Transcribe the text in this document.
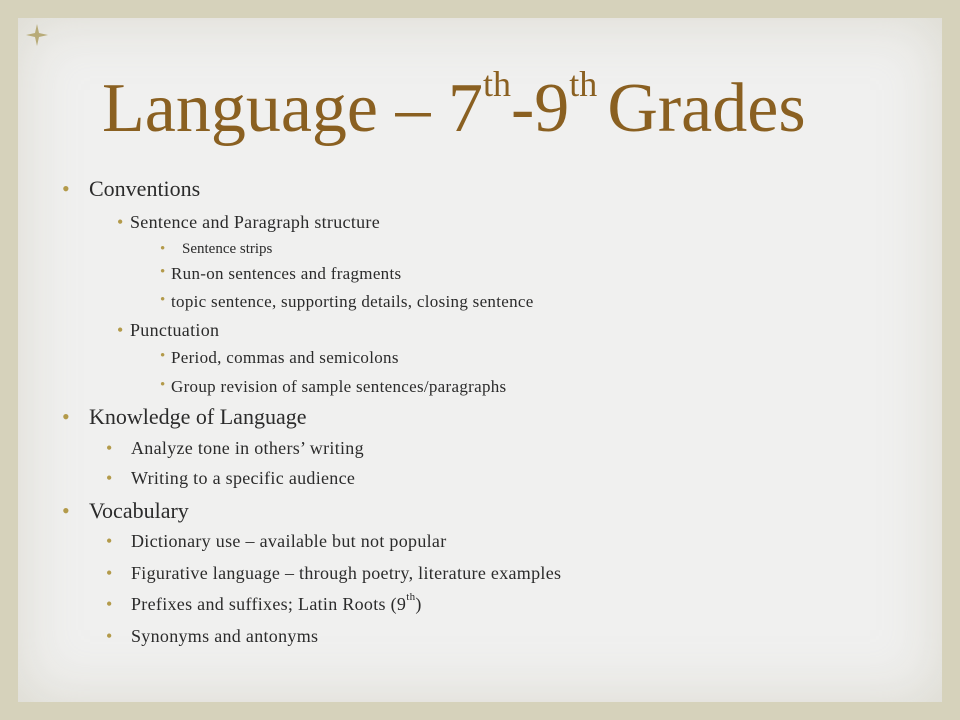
Language – 7th-9th Grades
• Conventions
• Sentence and Paragraph structure
• Sentence strips
• Run-on sentences and fragments
• topic sentence, supporting details, closing sentence
• Punctuation
• Period, commas and semicolons
• Group revision of sample sentences/paragraphs
• Knowledge of Language
• Analyze tone in others’ writing
• Writing to a specific audience
• Vocabulary
• Dictionary use – available but not popular
• Figurative language – through poetry, literature examples
• Prefixes and suffixes; Latin Roots (9th)
• Synonyms and antonyms
